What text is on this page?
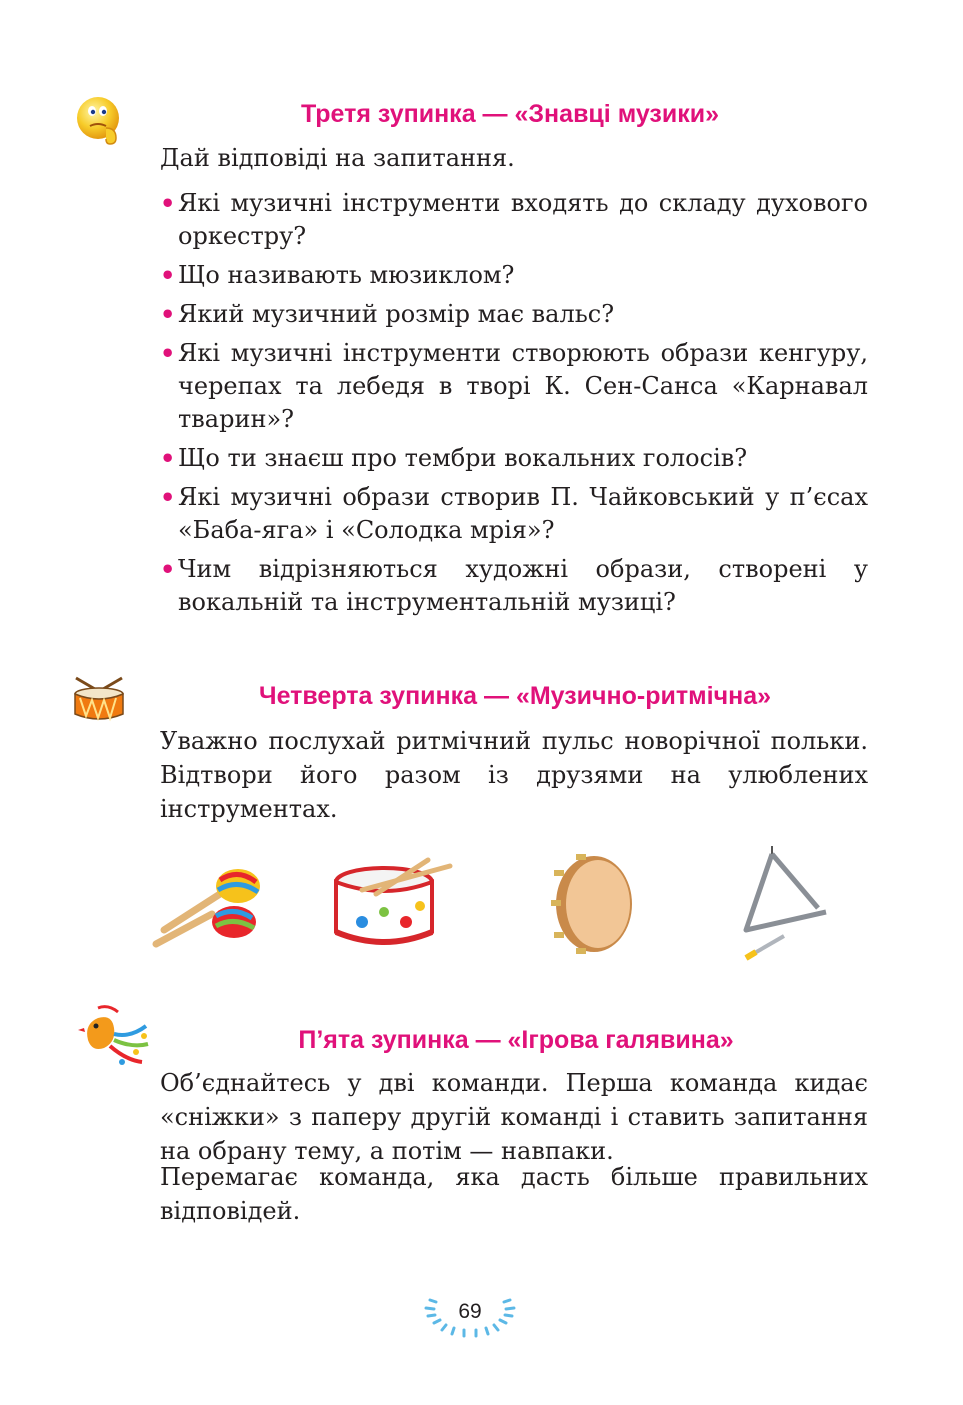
Третя зупинка — «Знавці музики»

Дай відповіді на запитання.

• Які музичні інструменти входять до складу духового оркестру?
• Що називають мюзиклом?
• Який музичний розмір має вальс?
• Які музичні інструменти створюють образи кенгуру, черепах та лебедя в творі К. Сен-Санса «Карнавал тварин»?
• Що ти знаєш про тембри вокальних голосів?
• Які музичні образи створив П. Чайковський у п’єсах «Баба-яга» і «Солодка мрія»?
• Чим відрізняються художні образи, створені у вокальній та інструментальній музиці?
Четверта зупинка — «Музично-ритмічна»

Уважно послухай ритмічний пульс новорічної польки. Відтвори його разом із друзями на улюблених інструментах.

П’ята зупинка — «Ігрова галявина»

Об’єднайтесь у дві команди. Перша команда кидає «сніжки» з паперу другій команді і ставить запитання на обрану тему, а потім — навпаки.

Перемагає команда, яка дасть більше правильних відповідей.

69
